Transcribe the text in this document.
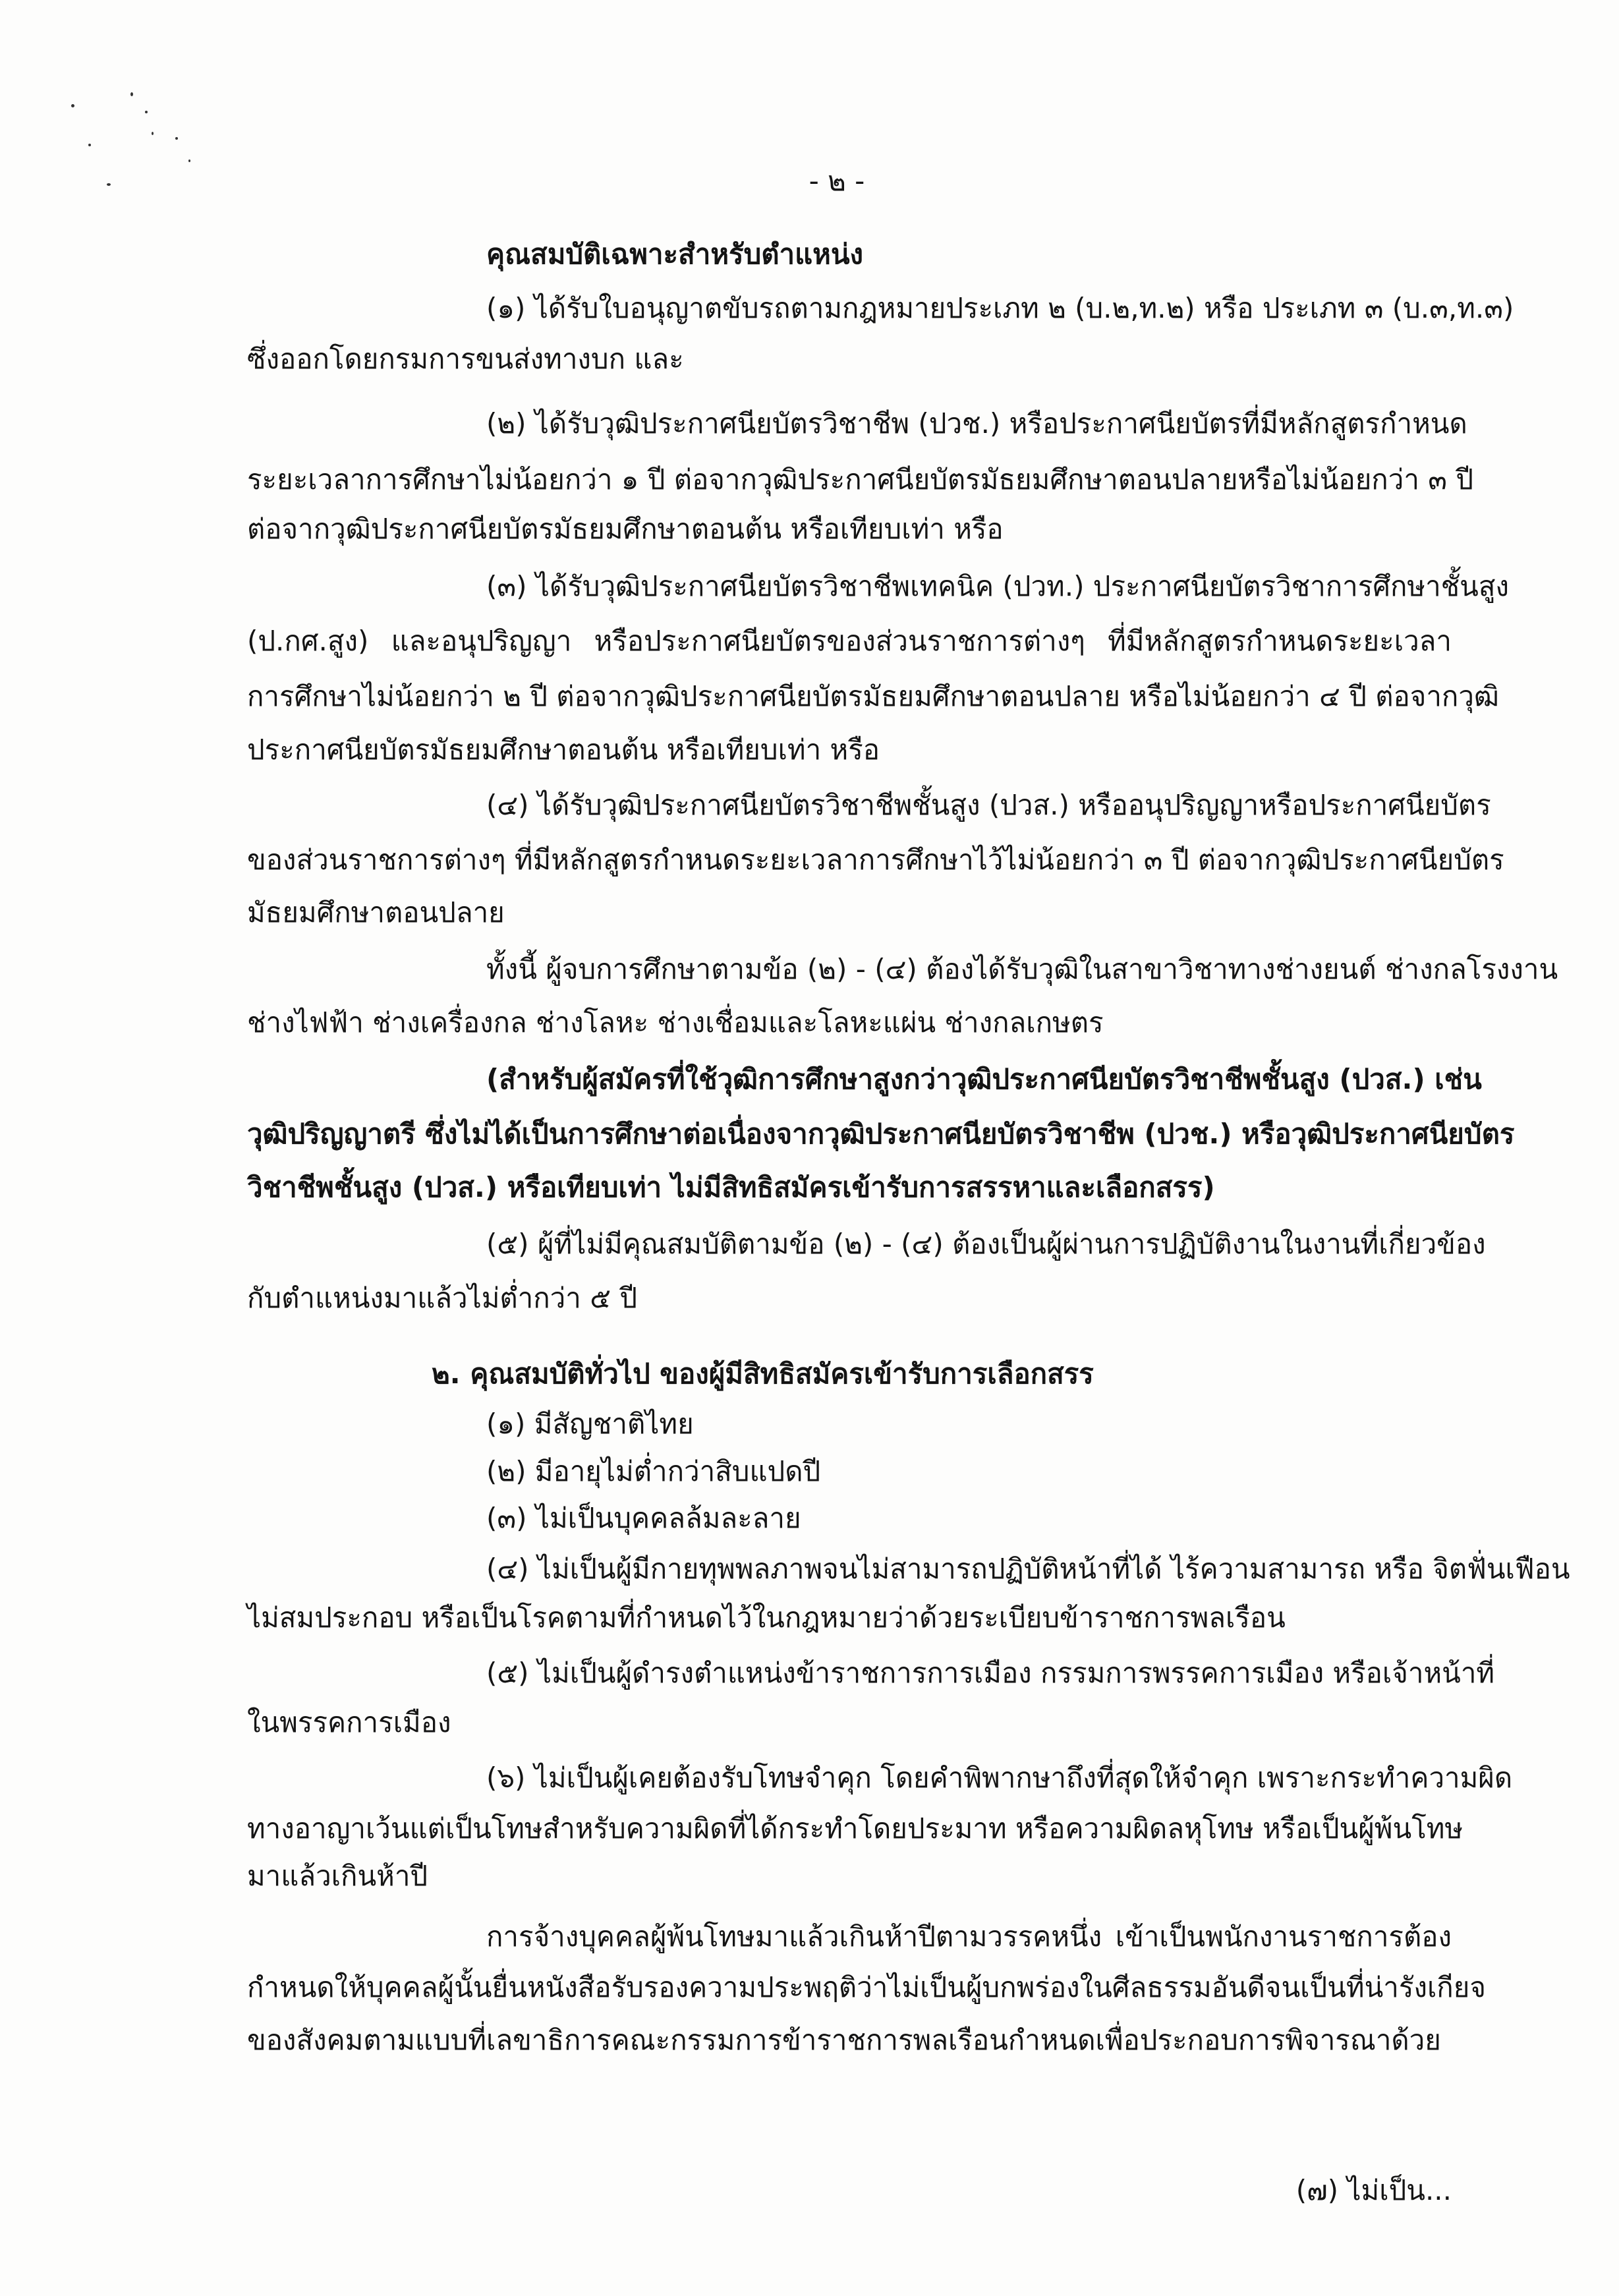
- ๒ -
คุณสมบัติเฉพาะสำหรับตำแหน่ง
(๑) ได้รับใบอนุญาตขับรถตามกฎหมายประเภท ๒ (บ.๒,ท.๒) หรือ ประเภท ๓ (บ.๓,ท.๓)
ซึ่งออกโดยกรมการขนส่งทางบก และ
(๒) ได้รับวุฒิประกาศนียบัตรวิชาชีพ (ปวช.) หรือประกาศนียบัตรที่มีหลักสูตรกำหนด
ระยะเวลาการศึกษาไม่น้อยกว่า ๑ ปี ต่อจากวุฒิประกาศนียบัตรมัธยมศึกษาตอนปลายหรือไม่น้อยกว่า ๓ ปี
ต่อจากวุฒิประกาศนียบัตรมัธยมศึกษาตอนต้น หรือเทียบเท่า หรือ
(๓) ได้รับวุฒิประกาศนียบัตรวิชาชีพเทคนิค (ปวท.) ประกาศนียบัตรวิชาการศึกษาชั้นสูง
(ป.กศ.สูง) และอนุปริญญา หรือประกาศนียบัตรของส่วนราชการต่างๆ ที่มีหลักสูตรกำหนดระยะเวลา
การศึกษาไม่น้อยกว่า ๒ ปี ต่อจากวุฒิประกาศนียบัตรมัธยมศึกษาตอนปลาย หรือไม่น้อยกว่า ๔ ปี ต่อจากวุฒิ
ประกาศนียบัตรมัธยมศึกษาตอนต้น หรือเทียบเท่า หรือ
(๔) ได้รับวุฒิประกาศนียบัตรวิชาชีพชั้นสูง (ปวส.) หรืออนุปริญญาหรือประกาศนียบัตร
ของส่วนราชการต่างๆ ที่มีหลักสูตรกำหนดระยะเวลาการศึกษาไว้ไม่น้อยกว่า ๓ ปี ต่อจากวุฒิประกาศนียบัตร
มัธยมศึกษาตอนปลาย
ทั้งนี้ ผู้จบการศึกษาตามข้อ (๒) - (๔) ต้องได้รับวุฒิในสาขาวิชาทางช่างยนต์ ช่างกลโรงงาน
ช่างไฟฟ้า ช่างเครื่องกล ช่างโลหะ ช่างเชื่อมและโลหะแผ่น ช่างกลเกษตร
(สำหรับผู้สมัครที่ใช้วุฒิการศึกษาสูงกว่าวุฒิประกาศนียบัตรวิชาชีพชั้นสูง (ปวส.) เช่น
วุฒิปริญญาตรี ซึ่งไม่ได้เป็นการศึกษาต่อเนื่องจากวุฒิประกาศนียบัตรวิชาชีพ (ปวช.) หรือวุฒิประกาศนียบัตร
วิชาชีพชั้นสูง (ปวส.) หรือเทียบเท่า ไม่มีสิทธิสมัครเข้ารับการสรรหาและเลือกสรร)
(๕) ผู้ที่ไม่มีคุณสมบัติตามข้อ (๒) - (๔) ต้องเป็นผู้ผ่านการปฏิบัติงานในงานที่เกี่ยวข้อง
กับตำแหน่งมาแล้วไม่ต่ำกว่า ๕ ปี
๒. คุณสมบัติทั่วไป ของผู้มีสิทธิสมัครเข้ารับการเลือกสรร
(๑) มีสัญชาติไทย
(๒) มีอายุไม่ต่ำกว่าสิบแปดปี
(๓) ไม่เป็นบุคคลล้มละลาย
(๔) ไม่เป็นผู้มีกายทุพพลภาพจนไม่สามารถปฏิบัติหน้าที่ได้ ไร้ความสามารถ หรือ จิตฟั่นเฟือน
ไม่สมประกอบ หรือเป็นโรคตามที่กำหนดไว้ในกฎหมายว่าด้วยระเบียบข้าราชการพลเรือน
(๕) ไม่เป็นผู้ดำรงตำแหน่งข้าราชการการเมือง กรรมการพรรคการเมือง หรือเจ้าหน้าที่
ในพรรคการเมือง
(๖) ไม่เป็นผู้เคยต้องรับโทษจำคุก โดยคำพิพากษาถึงที่สุดให้จำคุก เพราะกระทำความผิด
ทางอาญาเว้นแต่เป็นโทษสำหรับความผิดที่ได้กระทำโดยประมาท หรือความผิดลหุโทษ หรือเป็นผู้พ้นโทษ
มาแล้วเกินห้าปี
การจ้างบุคคลผู้พ้นโทษมาแล้วเกินห้าปีตามวรรคหนึ่ง เข้าเป็นพนักงานราชการต้อง
กำหนดให้บุคคลผู้นั้นยื่นหนังสือรับรองความประพฤติว่าไม่เป็นผู้บกพร่องในศีลธรรมอันดีจนเป็นที่น่ารังเกียจ
ของสังคมตามแบบที่เลขาธิการคณะกรรมการข้าราชการพลเรือนกำหนดเพื่อประกอบการพิจารณาด้วย
(๗) ไม่เป็น...
